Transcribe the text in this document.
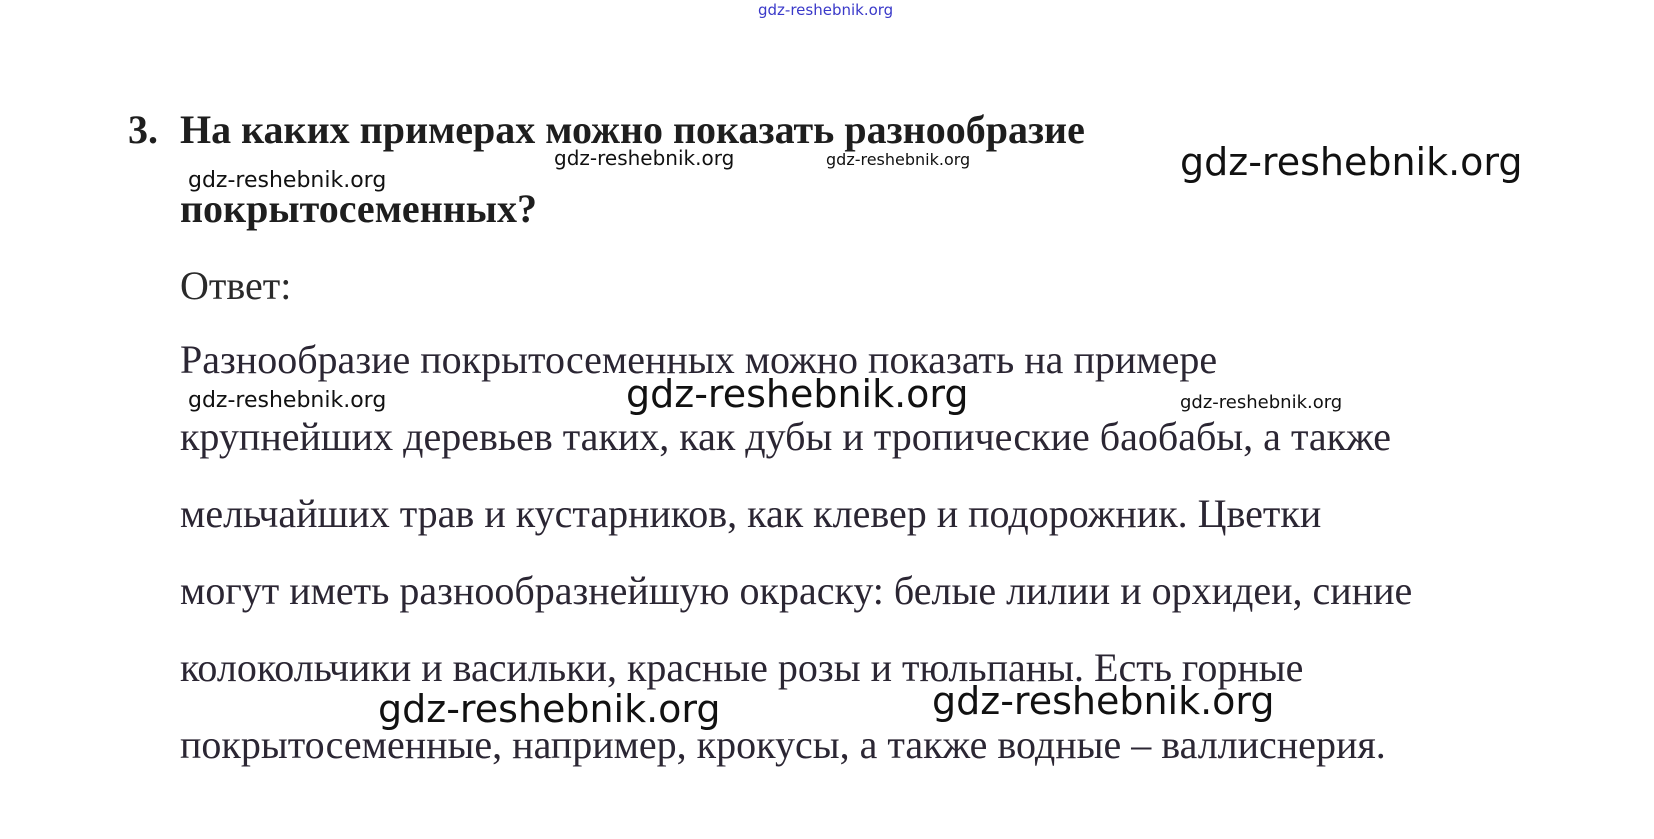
gdz-reshebnik.org
3. На каких примерах можно показать разнообразие
покрытосеменных?
gdz-reshebnik.org
gdz-reshebnik.org	gdz-reshebnik.org	gdz-reshebnik.org
Ответ:
Разнообразие покрытосеменных можно показать на примере
крупнейших деревьев таких, как дубы и тропические баобабы, а также
мельчайших трав и кустарников, как клевер и подорожник. Цветки
могут иметь разнообразнейшую окраску: белые лилии и орхидеи, синие
колокольчики и васильки, красные розы и тюльпаны. Есть горные
покрытосеменные, например, крокусы, а также водные – валлиснерия.
gdz-reshebnik.org	gdz-reshebnik.org	gdz-reshebnik.org
gdz-reshebnik.org	gdz-reshebnik.org
